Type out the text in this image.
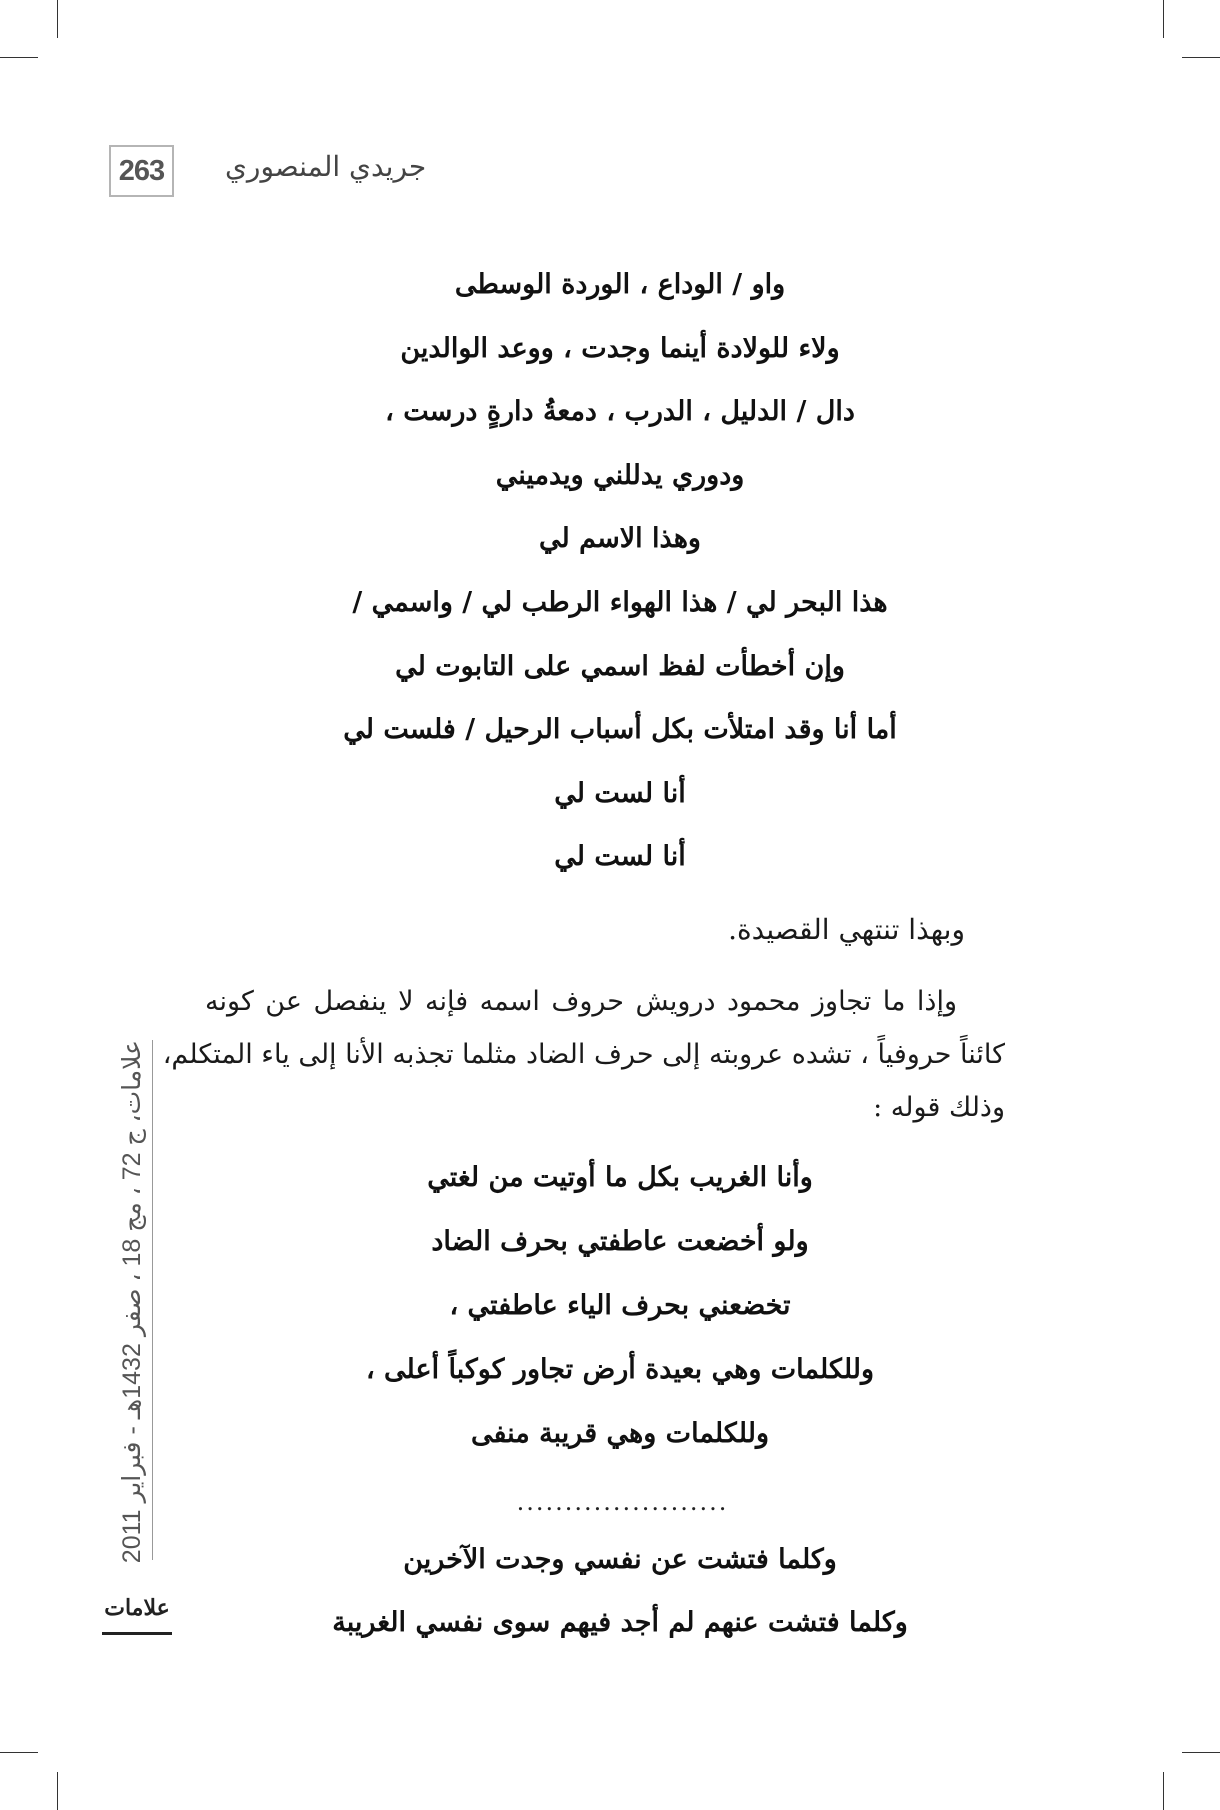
263	جريدي المنصوري
واو / الوداع ، الوردة الوسطى
ولاء للولادة أينما وجدت ، ووعد الوالدين
دال / الدليل ، الدرب ، دمعةُ دارةٍ درست ،
ودوري يدللني ويدميني
وهذا الاسم لي
هذا البحر لي / هذا الهواء الرطب لي / واسمي /
وإن أخطأت لفظ اسمي على التابوت لي
أما أنا وقد امتلأت بكل أسباب الرحيل / فلست لي
أنا لست لي
أنا لست لي
وبهذا تنتهي القصيدة.
وإذا ما تجاوز محمود درويش حروف اسمه فإنه لا ينفصل عن كونه
كائناً حروفياً ، تشده عروبته إلى حرف الضاد مثلما تجذبه الأنا إلى ياء المتكلم،
وذلك قوله :
وأنا الغريب بكل ما أوتيت من لغتي
ولو أخضعت عاطفتي بحرف الضاد
تخضعني بحرف الياء عاطفتي ،
وللكلمات وهي بعيدة أرض تجاور كوكباً أعلى ،
وللكلمات وهي قريبة منفى
......................
وكلما فتشت عن نفسي وجدت الآخرين
وكلما فتشت عنهم لم أجد فيهم سوى نفسي الغريبة
علامات، ج 72 ، مج 18 ، صفر 1432هـ - فبراير 2011
علامات
